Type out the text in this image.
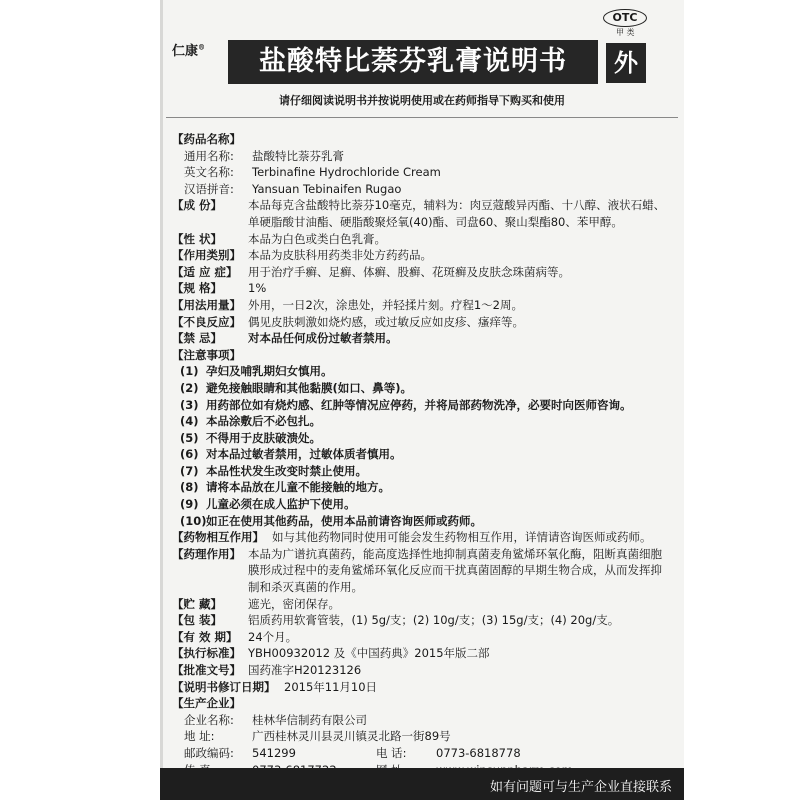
仁康®
OTC
甲 类
盐酸特比萘芬乳膏说明书	外
请仔细阅读说明书并按说明使用或在药师指导下购买和使用
【药品名称】
通用名称:	盐酸特比萘芬乳膏
英文名称:	Terbinafine Hydrochloride Cream
汉语拼音:	Yansuan Tebinaifen Rugao
【成 份】	本品每克含盐酸特比萘芬10毫克，辅料为：肉豆蔻酸异丙酯、十八醇、液状石蜡、单硬脂酸甘油酯、硬脂酸聚烃氧(40)酯、司盘60、聚山梨酯80、苯甲醇。
【性 状】	本品为白色或类白色乳膏。
【作用类别】 本品为皮肤科用药类非处方药药品。
【适 应 症】 用于治疗手癣、足癣、体癣、股癣、花斑癣及皮肤念珠菌病等。
【规 格】	1%
【用法用量】 外用，一日2次，涂患处，并轻揉片刻。疗程1～2周。
【不良反应】 偶见皮肤刺激如烧灼感，或过敏反应如皮疹、瘙痒等。
【禁 忌】	对本品任何成份过敏者禁用。
【注意事项】
(1) 孕妇及哺乳期妇女慎用。
(2) 避免接触眼睛和其他黏膜(如口、鼻等)。
(3) 用药部位如有烧灼感、红肿等情况应停药，并将局部药物洗净，必要时向医师咨询。
(4) 本品涂敷后不必包扎。
(5) 不得用于皮肤破溃处。
(6) 对本品过敏者禁用，过敏体质者慎用。
(7) 本品性状发生改变时禁止使用。
(8) 请将本品放在儿童不能接触的地方。
(9) 儿童必须在成人监护下使用。
(10)如正在使用其他药品，使用本品前请咨询医师或药师。
【药物相互作用】 如与其他药物同时使用可能会发生药物相互作用，详情请咨询医师或药师。
【药理作用】 本品为广谱抗真菌药，能高度选择性地抑制真菌麦角鲨烯环氧化酶，阻断真菌细胞膜形成过程中的麦角鲨烯环氧化反应而干扰真菌固醇的早期生物合成，从而发挥抑制和杀灭真菌的作用。
【贮 藏】	遮光，密闭保存。
【包 装】	铝质药用软膏管装，(1) 5g/支；(2) 10g/支；(3) 15g/支；(4) 20g/支。
【有 效 期】 24个月。
【执行标准】 YBH00932012 及《中国药典》2015年版二部
【批准文号】 国药准字H20123126
【说明书修订日期】 2015年11月10日
【生产企业】
企业名称:	桂林华信制药有限公司
地 址:	广西桂林灵川县灵川镇灵北路一街89号
邮政编码:	541299	电 话:	0773-6818778
如有问题可与生产企业直接联系
